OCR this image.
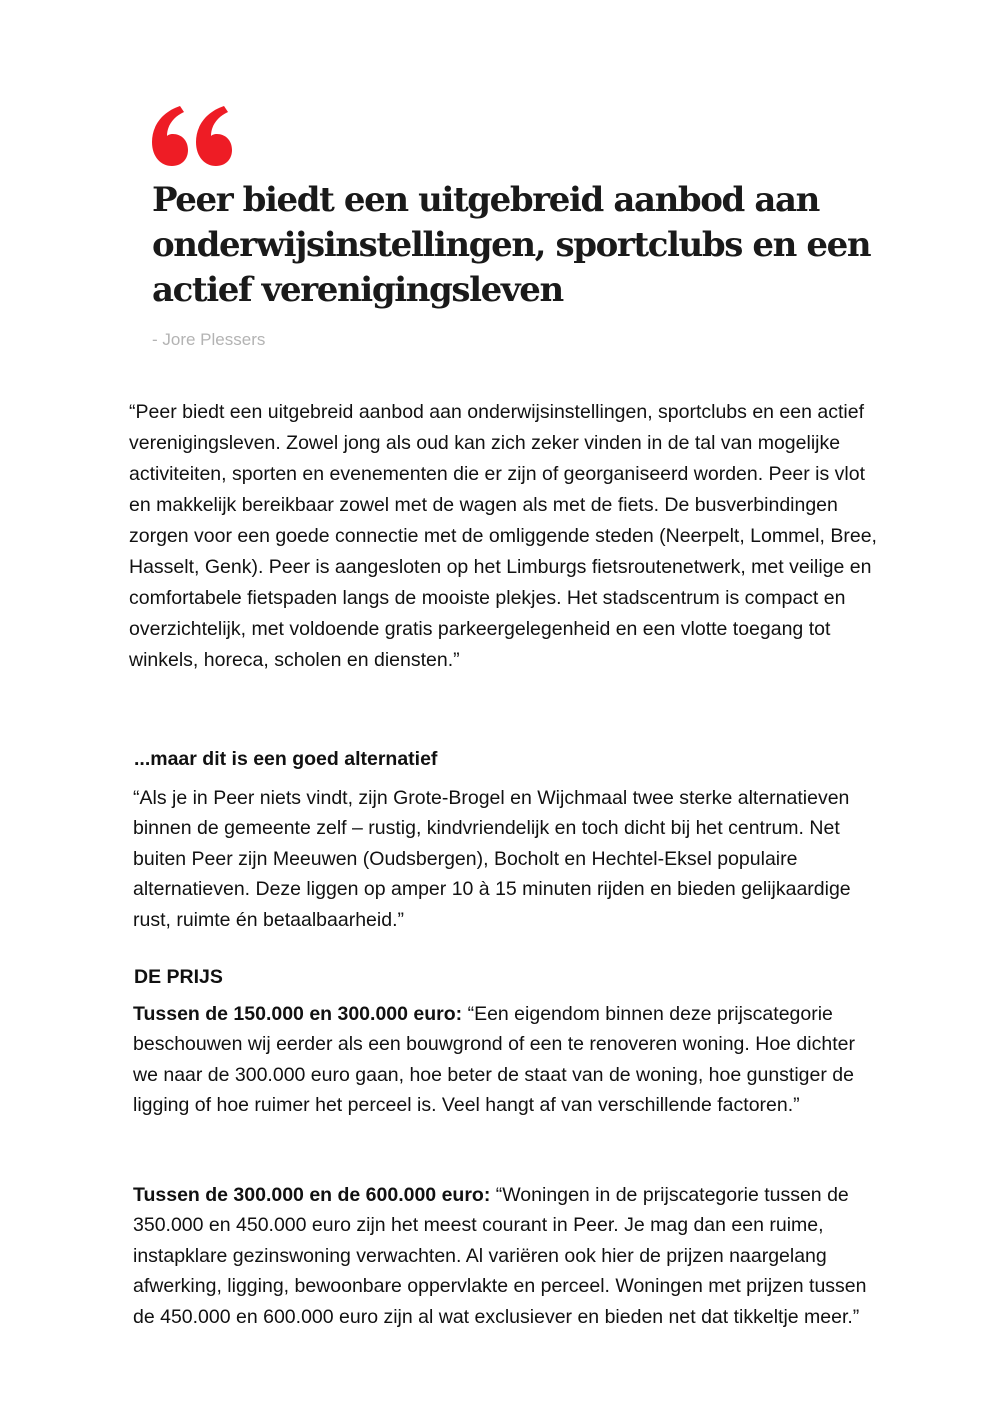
Peer biedt een uitgebreid aanbod aan onderwijsinstellingen, sportclubs en een actief verenigingsleven
- Jore Plessers

“Peer biedt een uitgebreid aanbod aan onderwijsinstellingen, sportclubs en een actief verenigingsleven. Zowel jong als oud kan zich zeker vinden in de tal van mogelijke activiteiten, sporten en evenementen die er zijn of georganiseerd worden. Peer is vlot en makkelijk bereikbaar zowel met de wagen als met de fiets. De busverbindingen zorgen voor een goede connectie met de omliggende steden (Neerpelt, Lommel, Bree, Hasselt, Genk). Peer is aangesloten op het Limburgs fietsroutenetwerk, met veilige en comfortabele fietspaden langs de mooiste plekjes. Het stadscentrum is compact en overzichtelijk, met voldoende gratis parkeergelegenheid en een vlotte toegang tot winkels, horeca, scholen en diensten.”

...maar dit is een goed alternatief

“Als je in Peer niets vindt, zijn Grote-Brogel en Wijchmaal twee sterke alternatieven binnen de gemeente zelf – rustig, kindvriendelijk en toch dicht bij het centrum. Net buiten Peer zijn Meeuwen (Oudsbergen), Bocholt en Hechtel-Eksel populaire alternatieven. Deze liggen op amper 10 à 15 minuten rijden en bieden gelijkaardige rust, ruimte én betaalbaarheid.”

DE PRIJS

Tussen de 150.000 en 300.000 euro: “Een eigendom binnen deze prijscategorie beschouwen wij eerder als een bouwgrond of een te renoveren woning. Hoe dichter we naar de 300.000 euro gaan, hoe beter de staat van de woning, hoe gunstiger de ligging of hoe ruimer het perceel is. Veel hangt af van verschillende factoren.”

Tussen de 300.000 en de 600.000 euro: “Woningen in de prijscategorie tussen de 350.000 en 450.000 euro zijn het meest courant in Peer. Je mag dan een ruime, instapklare gezinswoning verwachten. Al variëren ook hier de prijzen naargelang afwerking, ligging, bewoonbare oppervlakte en perceel. Woningen met prijzen tussen de 450.000 en 600.000 euro zijn al wat exclusiever en bieden net dat tikkeltje meer.”
